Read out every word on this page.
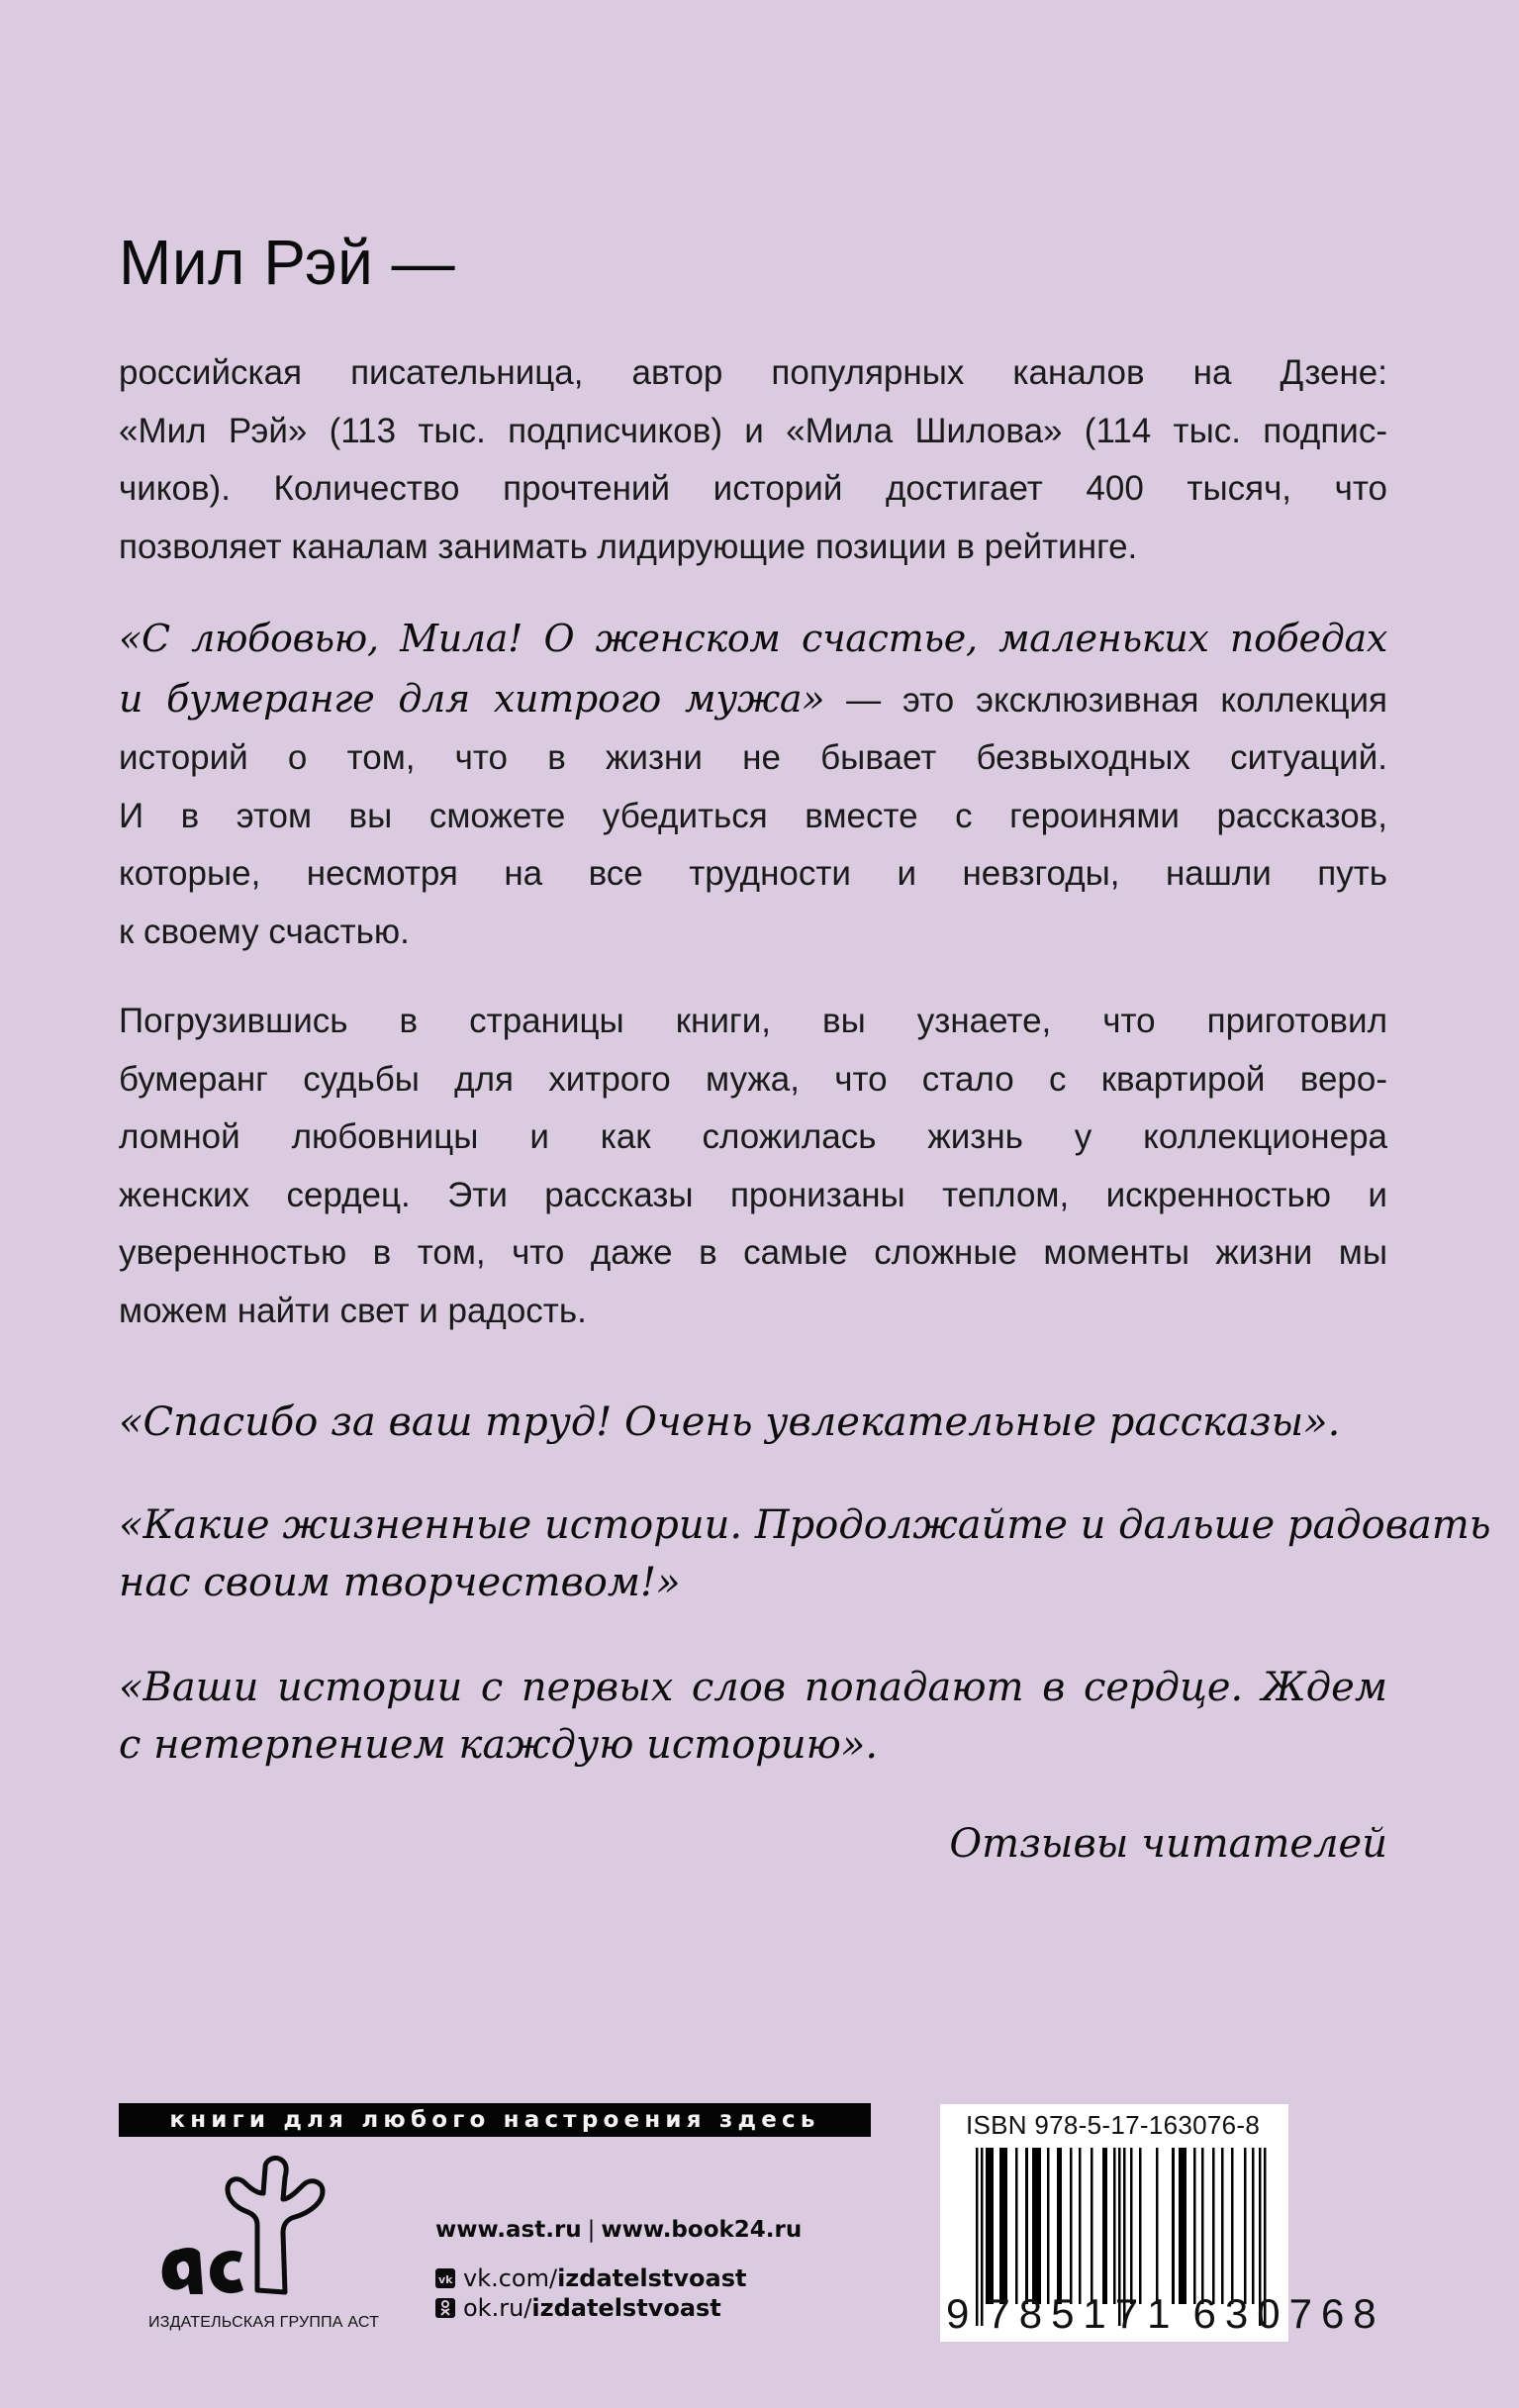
Мил Рэй —

российская писательница, автор популярных каналов на Дзене:
«Мил Рэй» (113 тыс. подписчиков) и «Мила Шилова» (114 тыс. подпис-
чиков). Количество прочтений историй достигает 400 тысяч, что
позволяет каналам занимать лидирующие позиции в рейтинге.

«С любовью, Мила! О женском счастье, маленьких победах
и бумеранге для хитрого мужа» — это эксклюзивная коллекция
историй о том, что в жизни не бывает безвыходных ситуаций.
И в этом вы сможете убедиться вместе с героинями рассказов,
которые, несмотря на все трудности и невзгоды, нашли путь
к своему счастью.

Погрузившись в страницы книги, вы узнаете, что приготовил
бумеранг судьбы для хитрого мужа, что стало с квартирой веро-
ломной любовницы и как сложилась жизнь у коллекционера
женских сердец. Эти рассказы пронизаны теплом, искренностью и
уверенностью в том, что даже в самые сложные моменты жизни мы
можем найти свет и радость.

«Спасибо за ваш труд! Очень увлекательные рассказы».

«Какие жизненные истории. Продолжайте и дальше радовать
нас своим творчеством!»

«Ваши истории с первых слов попадают в сердце. Ждем
с нетерпением каждую историю».

Отзывы читателей
книги для любого настроения здесь
аст
ИЗДАТЕЛЬСКАЯ ГРУППА АСТ
www.ast.ru | www.book24.ru
vk vk.com/ izdatelstvoast
ok.ru/ izdatelstvoast
ISBN 978-5-17-163076-8
9 785171 630768
